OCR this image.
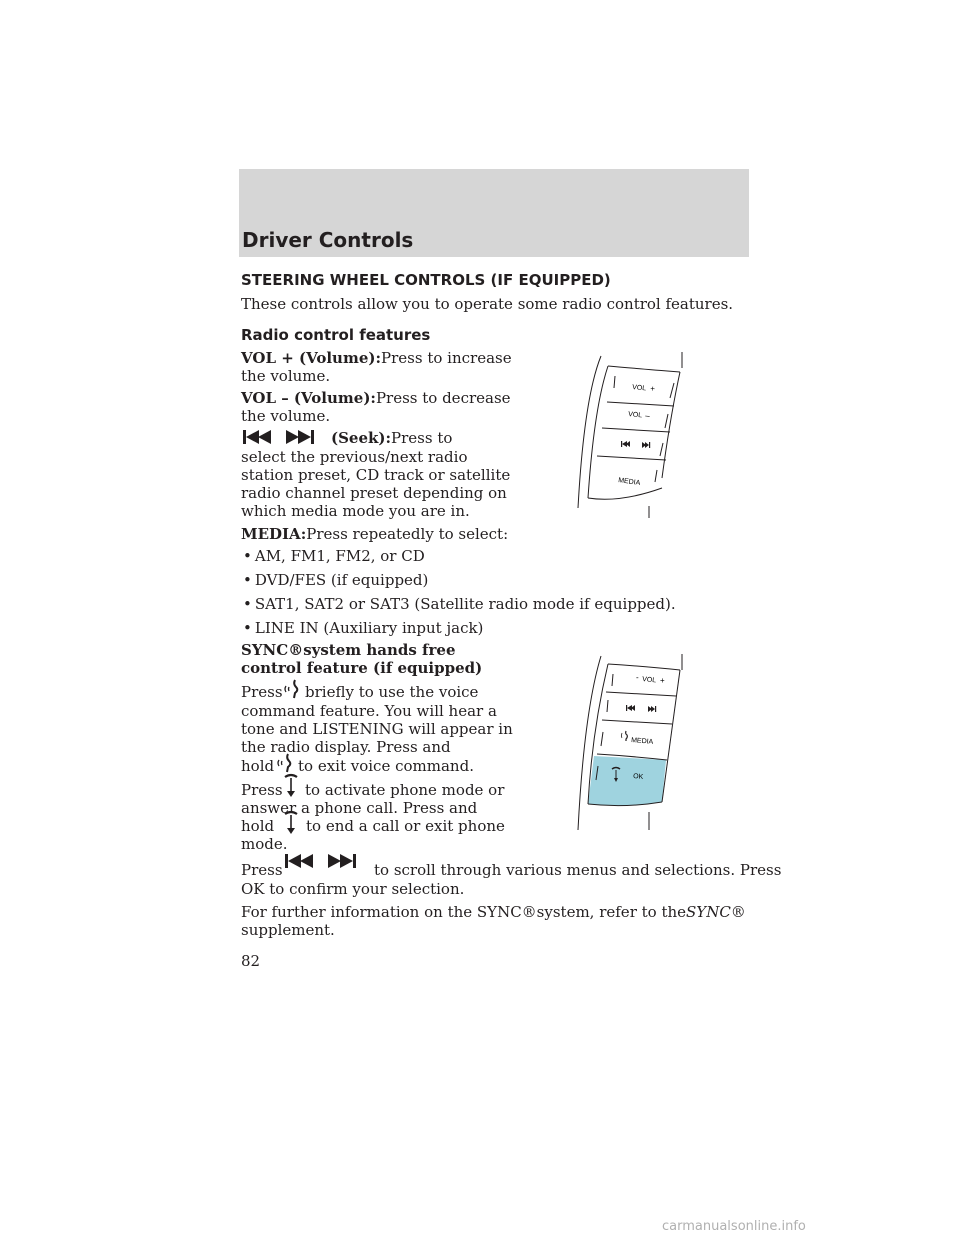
Driver Controls
STEERING WHEEL CONTROLS (IF EQUIPPED)
These controls allow you to operate some radio control features.
Radio control features
VOL + (Volume):Press to increase
the volume.
VOL – (Volume):Press to decrease
the volume.
(Seek):Press to
select the previous/next radio
station preset, CD track or satellite
radio channel preset depending on
which media mode you are in.
MEDIA:Press repeatedly to select:
• AM, FM1, FM2, or CD
• DVD/FES (if equipped)
• SAT1, SAT2 or SAT3 (Satellite radio mode if equipped).
• LINE IN (Auxiliary input jack)
SYNC®system hands free
control feature (if equipped)
Press briefly to use the voice
command feature. You will hear a
tone and LISTENING will appear in
the radio display. Press and
hold to exit voice command.
Press to activate phone mode or
answer a phone call. Press and
hold to end a call or exit phone
mode.
Press	to scroll through various menus and selections. Press
OK to confirm your selection.
For further information on the SYNC®system, refer to theSYNC®
supplement.
82
VOL +
VOL –
MEDIA
- VOL +
MEDIA
OK
carmanualsonline.info
